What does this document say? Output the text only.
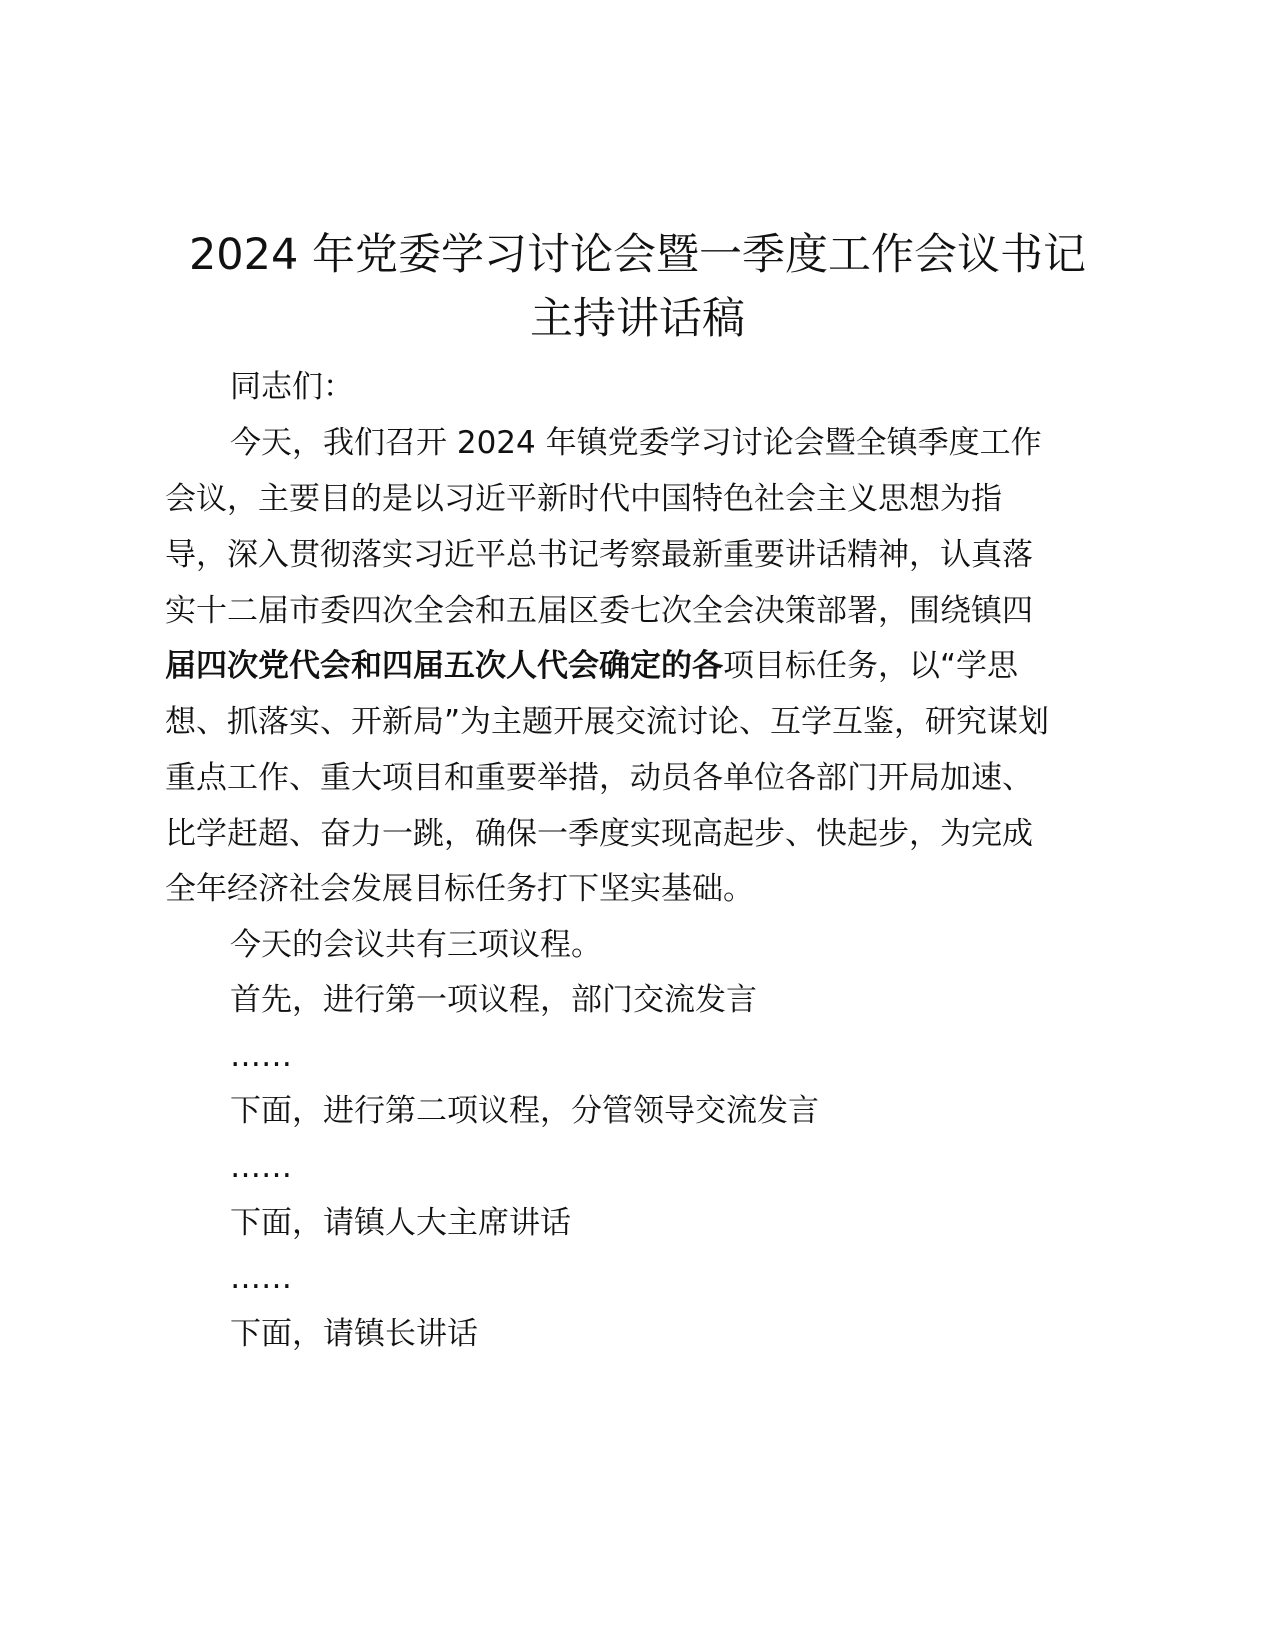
2024 年党委学习讨论会暨一季度工作会议书记
主持讲话稿

同志们：

今天，我们召开 2024 年镇党委学习讨论会暨全镇季度工作

会议，主要目的是以习近平新时代中国特色社会主义思想为指

导，深入贯彻落实习近平总书记考察最新重要讲话精神，认真落

实十二届市委四次全会和五届区委七次全会决策部署，围绕镇四

届四次党代会和四届五次人代会确定的各项目标任务，以“学思

想、抓落实、开新局”为主题开展交流讨论、互学互鉴，研究谋划

重点工作、重大项目和重要举措，动员各单位各部门开局加速、

比学赶超、奋力一跳，确保一季度实现高起步、快起步，为完成

全年经济社会发展目标任务打下坚实基础。

今天的会议共有三项议程。

首先，进行第一项议程，部门交流发言

……

下面，进行第二项议程，分管领导交流发言

……

下面，请镇人大主席讲话

……

下面，请镇长讲话
